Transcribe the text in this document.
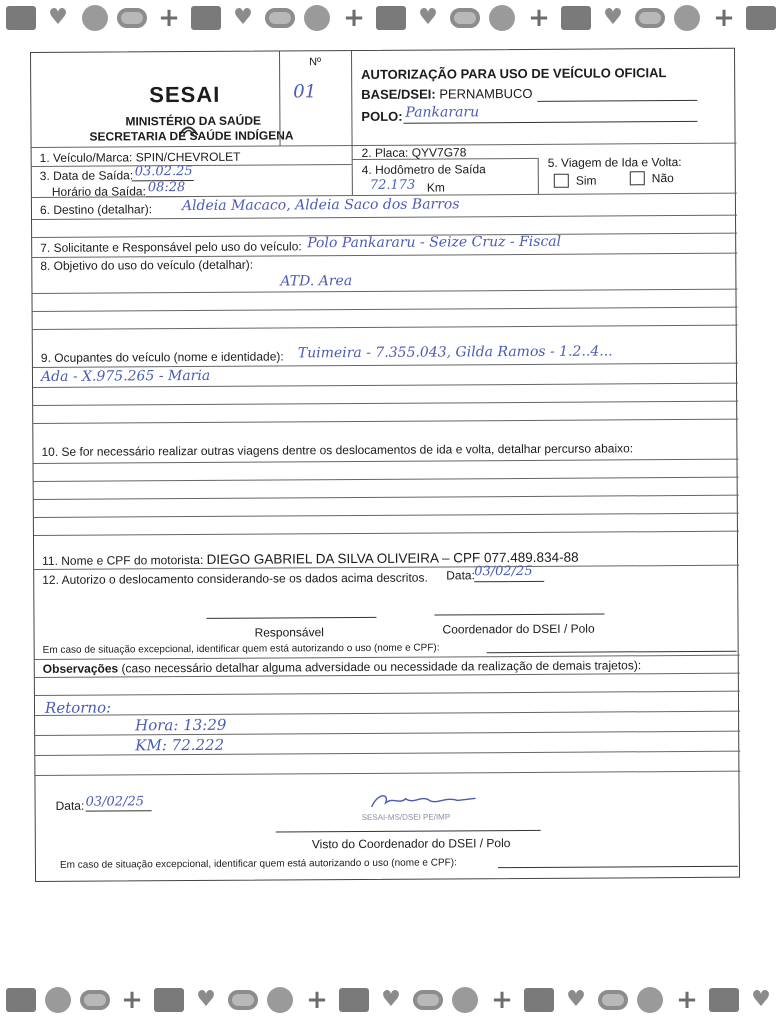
♥	+ ♥	+ ♥	+ ♥	+
SESAI
MINISTÉRIO DA SAÚDE
SECRETARIA DE SAÚDE INDÍGENA
Nº
01
AUTORIZAÇÃO PARA USO DE VEÍCULO OFICIAL
BASE/DSEI: PERNAMBUCO
POLO: Pankararu
1. Veículo/Marca: SPIN/CHEVROLET	2. Placa: QYV7G78
3. Data de Saída: 03.02.25
Horário da Saída: 08:28
4. Hodômetro de Saída
72.173 Km
5. Viagem de Ida e Volta:
Sim	Não
6. Destino (detalhar): Aldeia Macaco, Aldeia Saco dos Barros
7. Solicitante e Responsável pelo uso do veículo: Polo Pankararu - Seize Cruz - Fiscal
8. Objetivo do uso do veículo (detalhar):
ATD. Area
9. Ocupantes do veículo (nome e identidade): Tuimeira - 7.355.043, Gilda Ramos - 1.2..4...
Ada - X.975.265 - Maria
10. Se for necessário realizar outras viagens dentre os deslocamentos de ida e volta, detalhar percurso abaixo:
11. Nome e CPF do motorista: DIEGO GABRIEL DA SILVA OLIVEIRA – CPF 077.489.834-88
12. Autorizo o deslocamento considerando-se os dados acima descritos. Data: 03/02/25
Responsável	Coordenador do DSEI / Polo
Em caso de situação excepcional, identificar quem está autorizando o uso (nome e CPF):
Observações (caso necessário detalhar alguma adversidade ou necessidade da realização de demais trajetos):
Retorno:
Hora: 13:29
KM: 72.222
Data: 03/02/25
SESAI-MS/DSEI PE/IMP
Visto do Coordenador do DSEI / Polo
Em caso de situação excepcional, identificar quem está autorizando o uso (nome e CPF):
+ ♥	+ ♥	+ ♥	+ ♥
